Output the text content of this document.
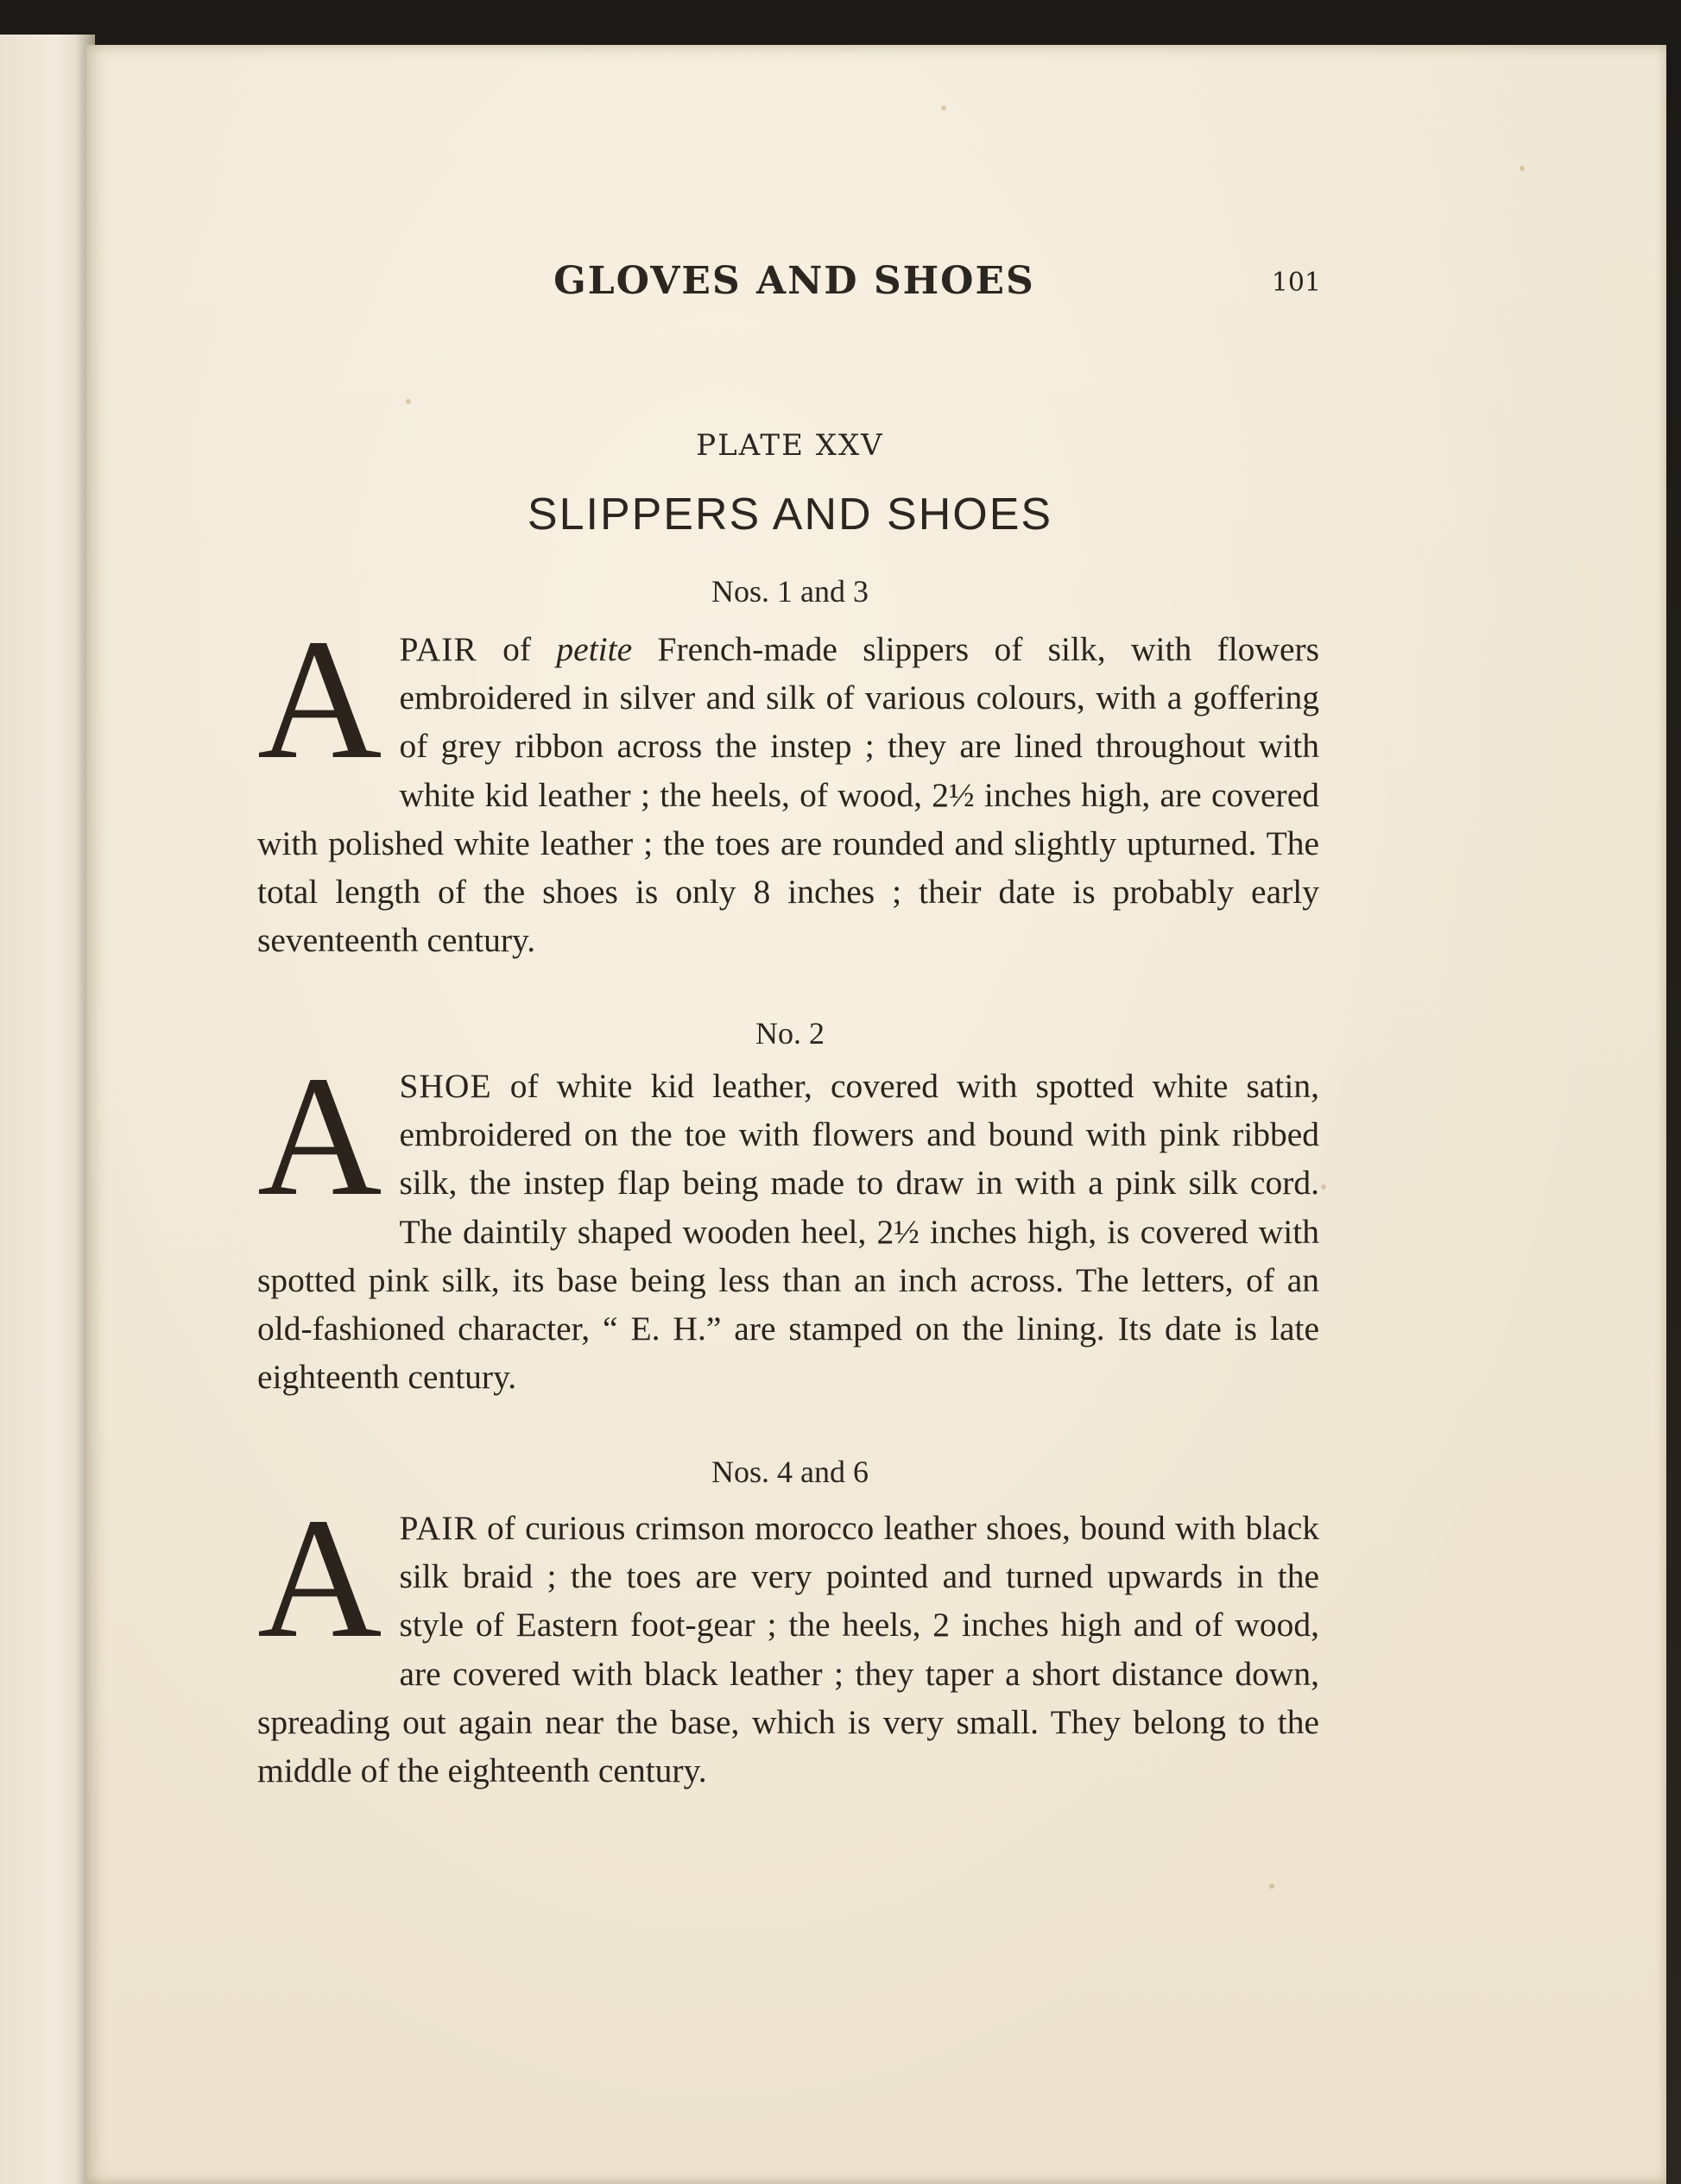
GLOVES AND SHOES	101
PLATE XXV
SLIPPERS AND SHOES
Nos. 1 and 3
APAIR of petite French-made slippers of silk, with flowers embroidered in silver and silk of various colours, with a goffering of grey ribbon across the instep ; they are lined throughout with white kid leather ; the heels, of wood, 2½ inches high, are covered with polished white leather ; the toes are rounded and slightly upturned. The total length of the shoes is only 8 inches ; their date is probably early seventeenth century.
No. 2
ASHOE of white kid leather, covered with spotted white satin, embroidered on the toe with flowers and bound with pink ribbed silk, the instep flap being made to draw in with a pink silk cord. The daintily shaped wooden heel, 2½ inches high, is covered with spotted pink silk, its base being less than an inch across. The letters, of an old-fashioned character, “ E. H.” are stamped on the lining. Its date is late eighteenth century.
Nos. 4 and 6
APAIR of curious crimson morocco leather shoes, bound with black silk braid ; the toes are very pointed and turned upwards in the style of Eastern foot-gear ; the heels, 2 inches high and of wood, are covered with black leather ; they taper a short distance down, spreading out again near the base, which is very small. They belong to the middle of the eighteenth century.
